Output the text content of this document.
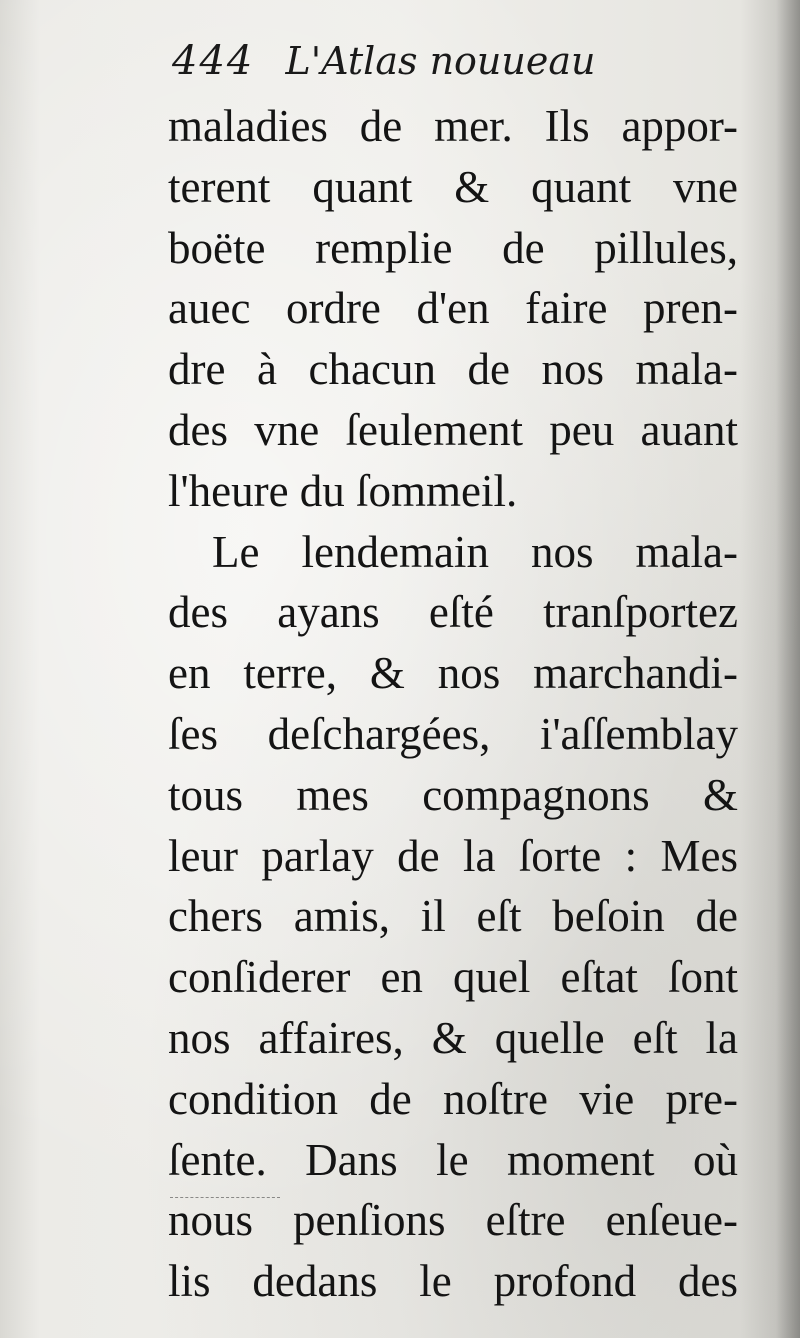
444 L'Atlas nouueau
maladies de mer. Ils appor-
terent quant & quant vne
boëte remplie de pillules,
auec ordre d'en faire pren-
dre à chacun de nos mala-
des vne ſeulement peu auant
l'heure du ſommeil.
Le lendemain nos mala-
des ayans eſté tranſportez
en terre, & nos marchandi-
ſes deſchargées, i'aſſemblay
tous mes compagnons &
leur parlay de la ſorte : Mes
chers amis, il eſt beſoin de
conſiderer en quel eſtat ſont
nos affaires, & quelle eſt la
condition de noſtre vie pre-
ſente. Dans le moment où
nous penſions eſtre enſeue-
lis dedans le profond des
